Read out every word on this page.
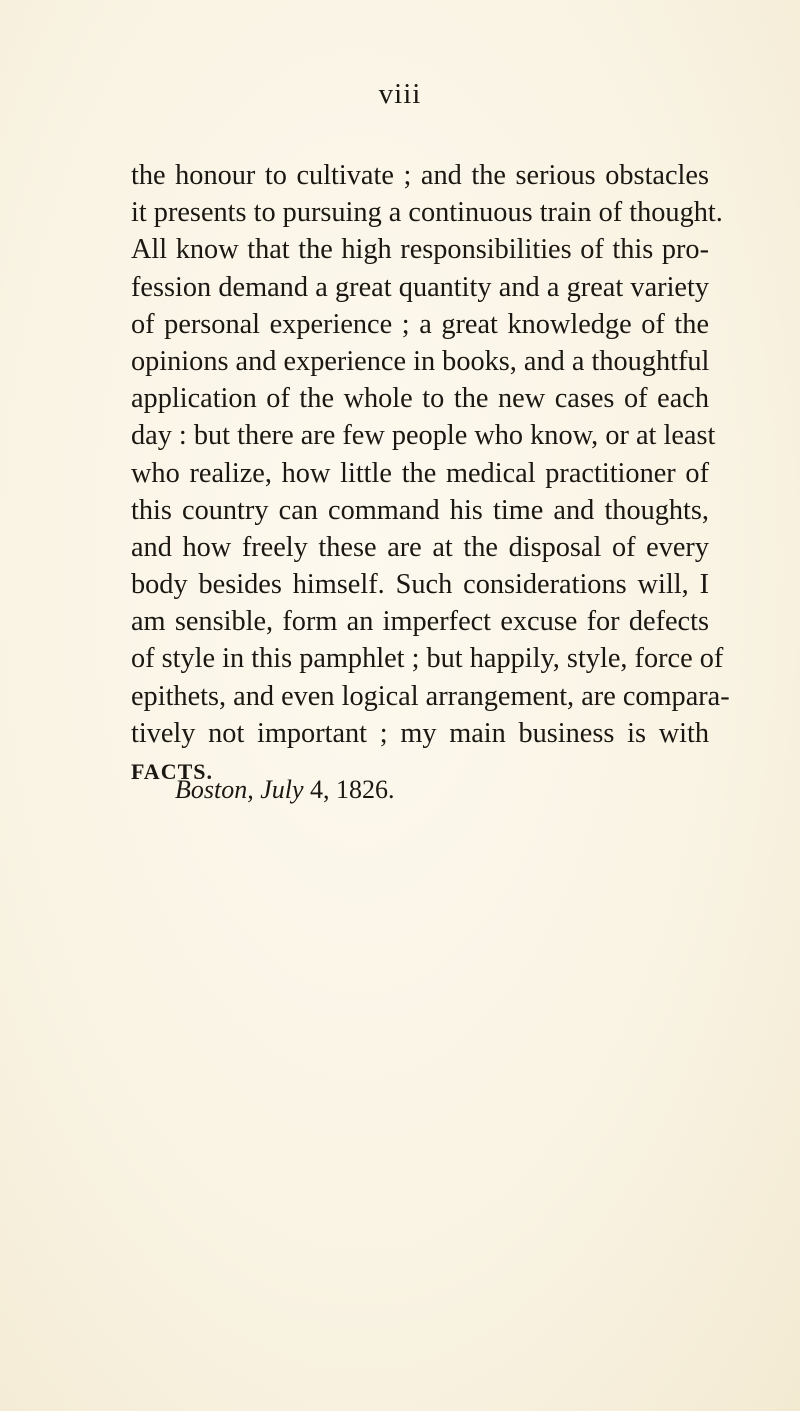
viii
the honour to cultivate ; and the serious obstacles
it presents to pursuing a continuous train of thought.
All know that the high responsibilities of this pro-
fession demand a great quantity and a great variety
of personal experience ; a great knowledge of the
opinions and experience in books, and a thoughtful
application of the whole to the new cases of each
day : but there are few people who know, or at least
who realize, how little the medical practitioner of
this country can command his time and thoughts,
and how freely these are at the disposal of every
body besides himself. Such considerations will, I
am sensible, form an imperfect excuse for defects
of style in this pamphlet ; but happily, style, force of
epithets, and even logical arrangement, are compara-
tively not important ; my main business is with
FACTS.
Boston, July 4, 1826.
